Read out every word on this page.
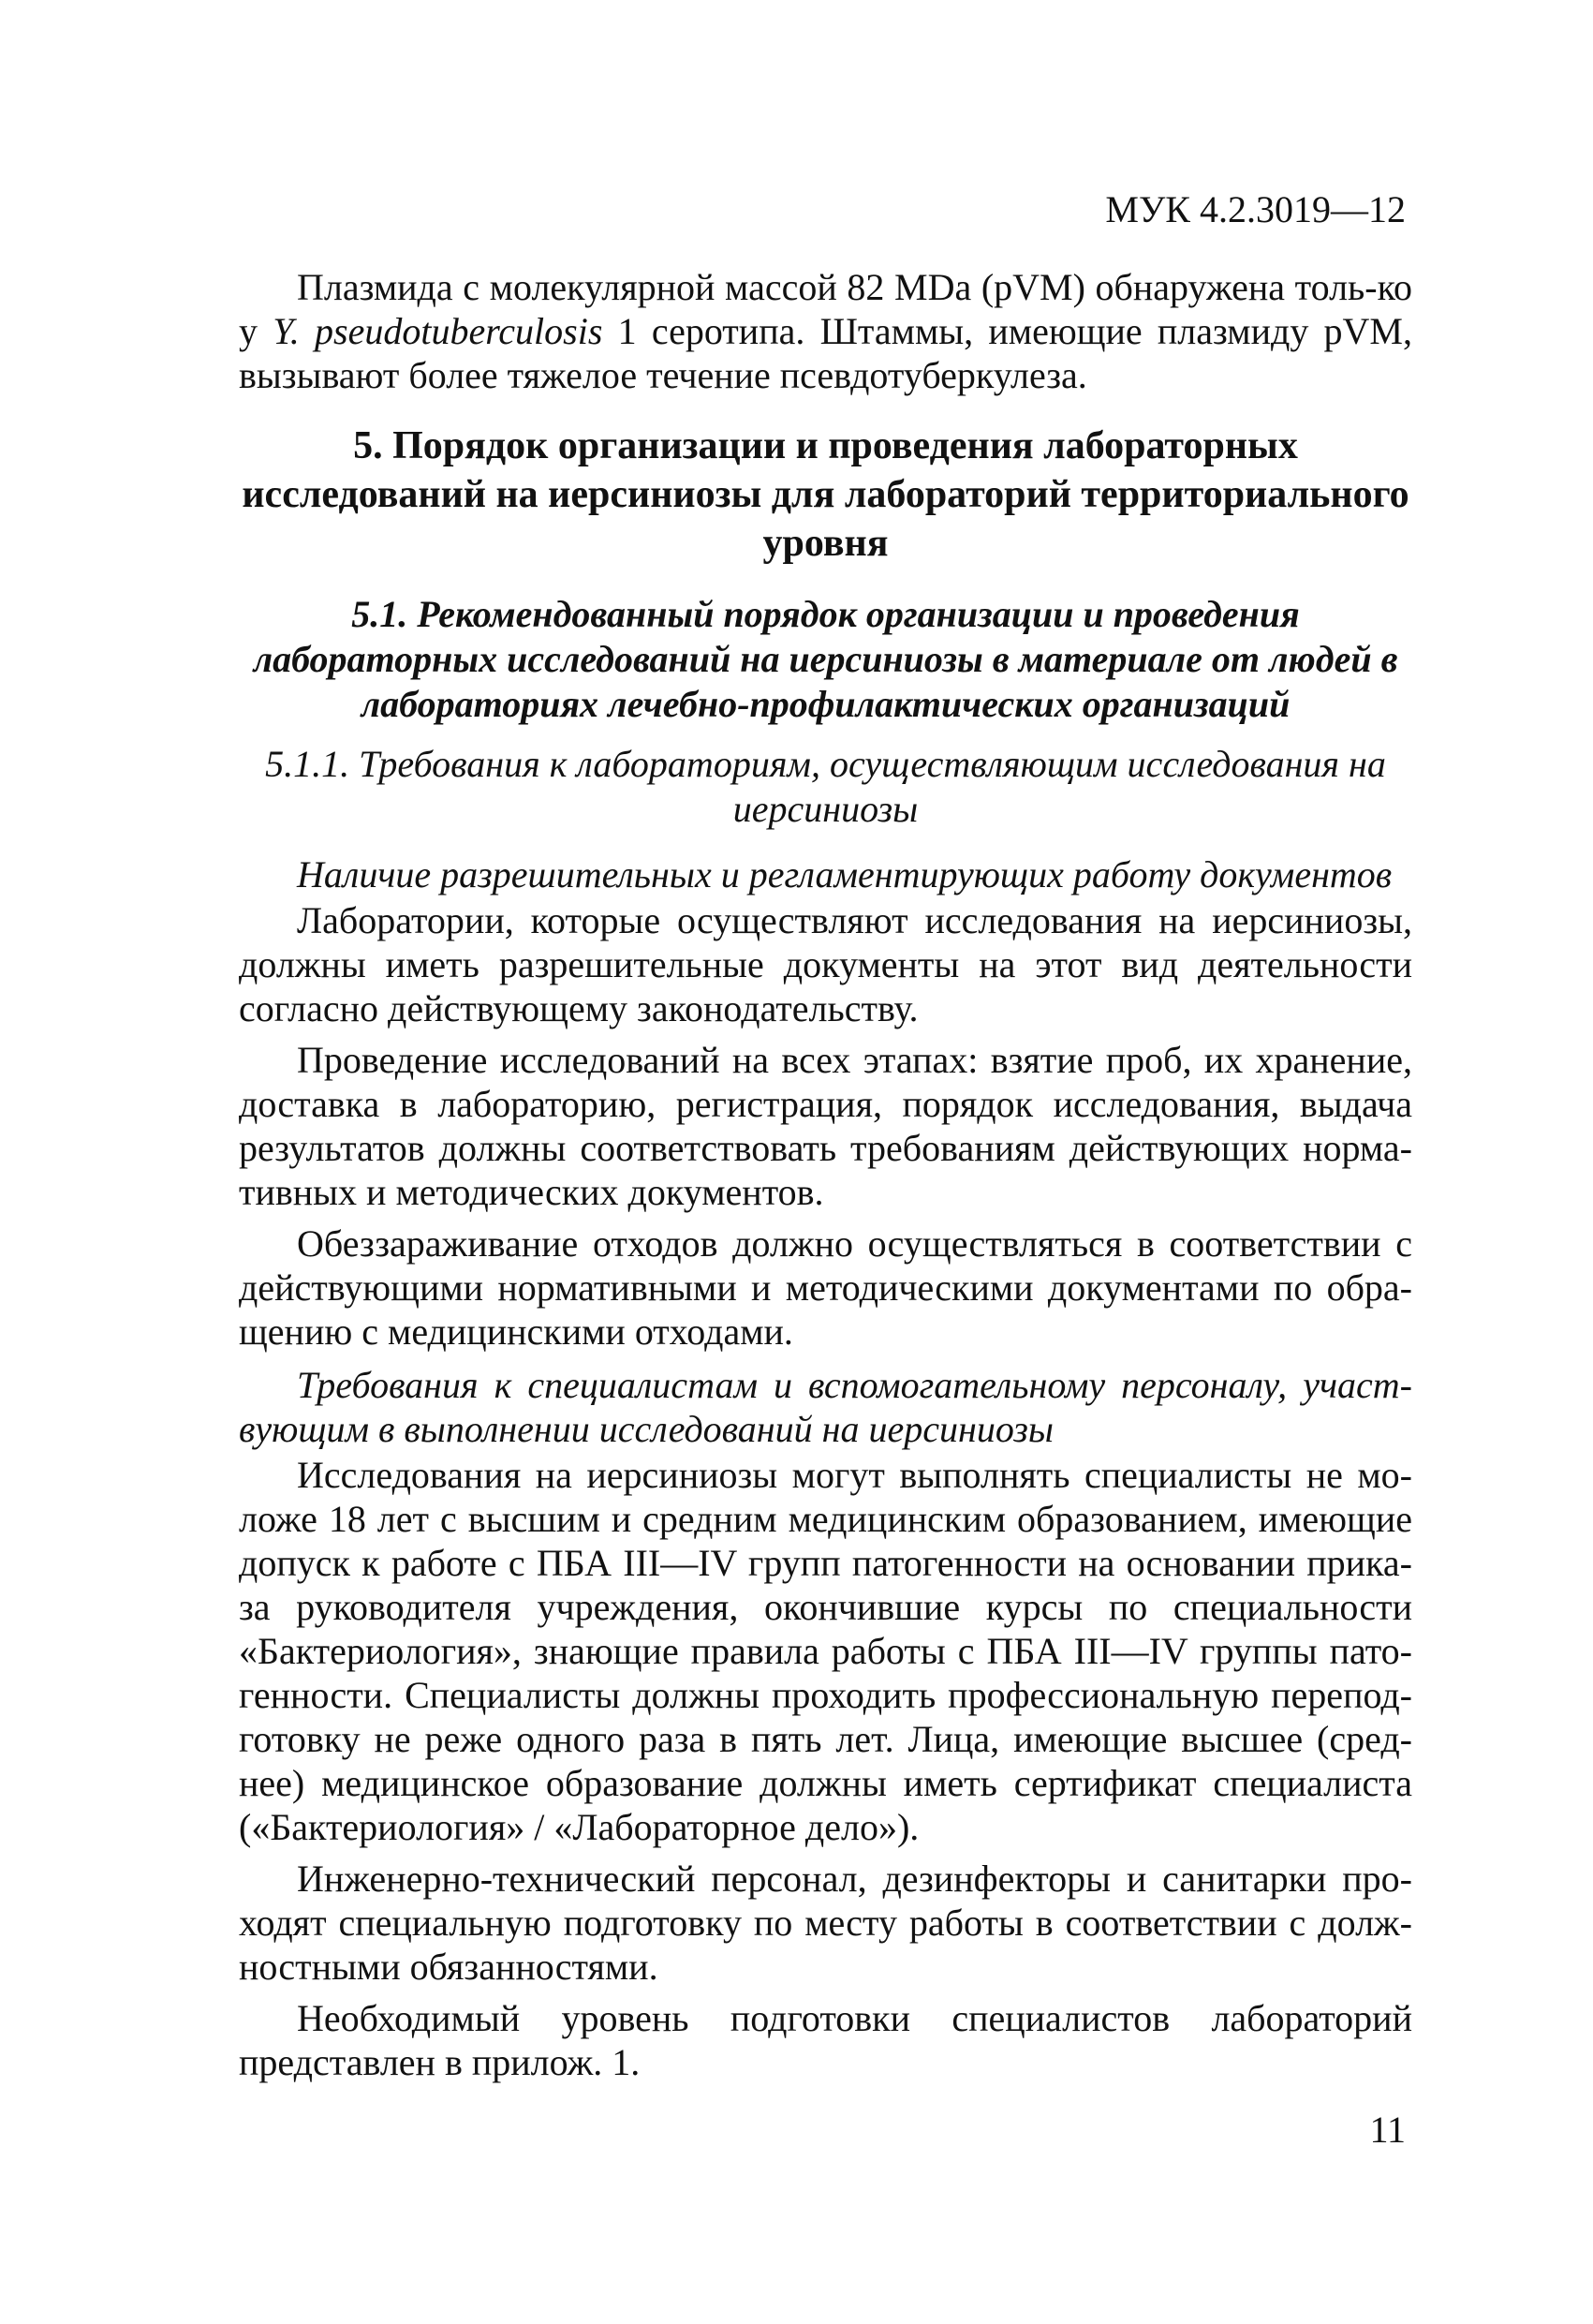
МУК 4.2.3019—12

Плазмида с молекулярной массой 82 MDa (pVM) обнаружена толь-ко у Y. pseudotuberculosis 1 серотипа. Штаммы, имеющие плазмиду pVM, вызывают более тяжелое течение псевдотуберкулеза.

5. Порядок организации и проведения лабораторных исследований на иерсиниозы для лабораторий территориального уровня
5.1. Рекомендованный порядок организации и проведения лабораторных исследований на иерсиниозы в материале от людей в лабораториях лечебно-профилактических организаций
5.1.1. Требования к лабораториям, осуществляющим исследования на иерсиниозы

Наличие разрешительных и регламентирующих работу документов

Лаборатории, которые осуществляют исследования на иерсиниозы, должны иметь разрешительные документы на этот вид деятельности согласно действующему законодательству.

Проведение исследований на всех этапах: взятие проб, их хранение, доставка в лабораторию, регистрация, порядок исследования, выдача результатов должны соответствовать требованиям действующих норма-тивных и методических документов.

Обеззараживание отходов должно осуществляться в соответствии с действующими нормативными и методическими документами по обра-щению с медицинскими отходами.

Требования к специалистам и вспомогательному персоналу, участ-вующим в выполнении исследований на иерсиниозы

Исследования на иерсиниозы могут выполнять специалисты не мо-ложе 18 лет с высшим и средним медицинским образованием, имеющие допуск к работе с ПБА III—IV групп патогенности на основании прика-за руководителя учреждения, окончившие курсы по специальности «Бактериология», знающие правила работы с ПБА III—IV группы пато-генности. Специалисты должны проходить профессиональную перепод-готовку не реже одного раза в пять лет. Лица, имеющие высшее (сред-нее) медицинское образование должны иметь сертификат специалиста («Бактериология» / «Лабораторное дело»).

Инженерно-технический персонал, дезинфекторы и санитарки про-ходят специальную подготовку по месту работы в соответствии с долж-ностными обязанностями.

Необходимый уровень подготовки специалистов лабораторий представлен в прилож. 1.

11
